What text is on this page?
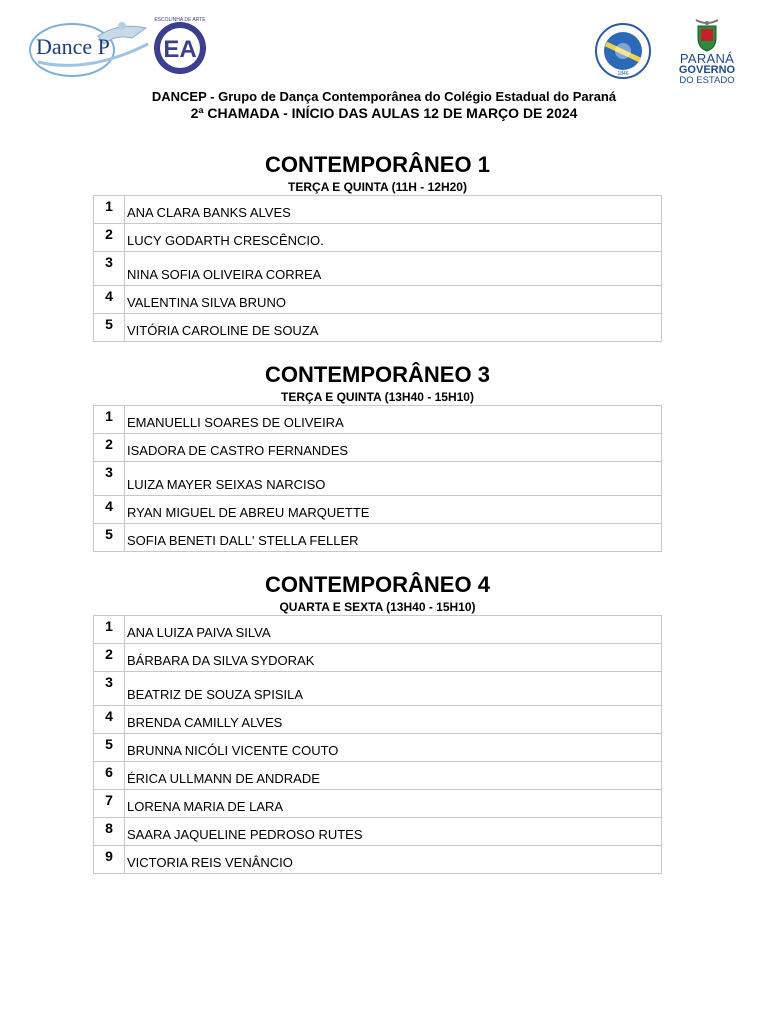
Dance P EA
ESCOLINHA DE ARTE
1846
PARANÁ
GOVERNO
DO ESTADO
DANCEP - Grupo de Dança Contemporânea do Colégio Estadual do Paraná
2ª CHAMADA - INÍCIO DAS AULAS 12 DE MARÇO DE 2024
CONTEMPORÂNEO 1
TERÇA E QUINTA (11H - 12H20)
1	ANA CLARA BANKS ALVES
2	LUCY GODARTH CRESCÊNCIO.
3	NINA SOFIA OLIVEIRA CORREA
4	VALENTINA SILVA BRUNO
5	VITÓRIA CAROLINE DE SOUZA
CONTEMPORÂNEO 3
TERÇA E QUINTA (13H40 - 15H10)
1	EMANUELLI SOARES DE OLIVEIRA
2	ISADORA DE CASTRO FERNANDES
3	LUIZA MAYER SEIXAS NARCISO
4	RYAN MIGUEL DE ABREU MARQUETTE
5	SOFIA BENETI DALL' STELLA FELLER
CONTEMPORÂNEO 4
QUARTA E SEXTA (13H40 - 15H10)
1	ANA LUIZA PAIVA SILVA
2	BÁRBARA DA SILVA SYDORAK
3	BEATRIZ DE SOUZA SPISILA
4	BRENDA CAMILLY ALVES
5	BRUNNA NICÓLI VICENTE COUTO
6	ÉRICA ULLMANN DE ANDRADE
7	LORENA MARIA DE LARA
8	SAARA JAQUELINE PEDROSO RUTES
9	VICTORIA REIS VENÂNCIO
